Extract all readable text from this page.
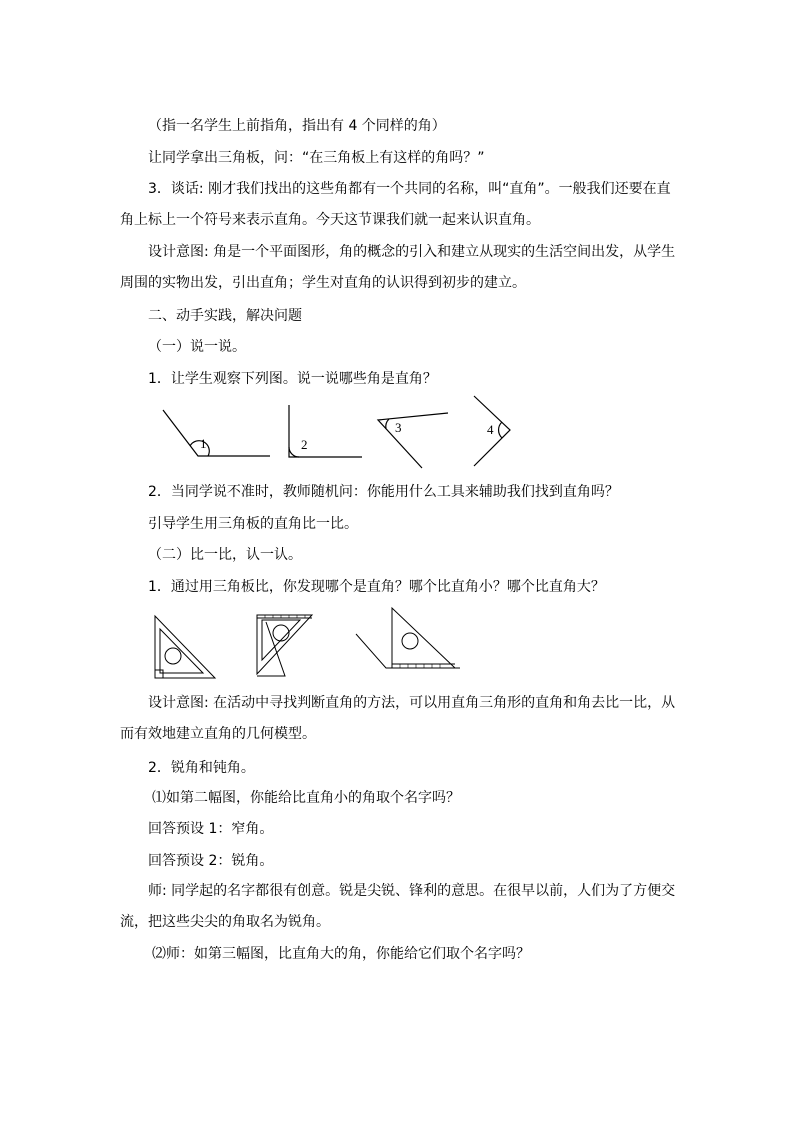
（指一名学生上前指角，指出有 4 个同样的角）
让同学拿出三角板，问：“在三角板上有这样的角吗？”
3．谈话: 刚才我们找出的这些角都有一个共同的名称，叫“直角”。一般我们还要在直角上标上一个符号来表示直角。今天这节课我们就一起来认识直角。
设计意图: 角是一个平面图形，角的概念的引入和建立从现实的生活空间出发，从学生周围的实物出发，引出直角；学生对直角的认识得到初步的建立。
二、动手实践，解决问题
（一）说一说。
1．让学生观察下列图。说一说哪些角是直角？
1	2
3	4
2．当同学说不准时，教师随机问：你能用什么工具来辅助我们找到直角吗？
引导学生用三角板的直角比一比。
（二）比一比，认一认。
1．通过用三角板比，你发现哪个是直角？哪个比直角小？哪个比直角大？
设计意图: 在活动中寻找判断直角的方法，可以用直角三角形的直角和角去比一比，从而有效地建立直角的几何模型。
2．锐角和钝角。
⑴如第二幅图，你能给比直角小的角取个名字吗？
回答预设 1：窄角。
回答预设 2：锐角。
师: 同学起的名字都很有创意。锐是尖锐、锋利的意思。在很早以前，人们为了方便交流，把这些尖尖的角取名为锐角。
⑵师：如第三幅图，比直角大的角，你能给它们取个名字吗？
